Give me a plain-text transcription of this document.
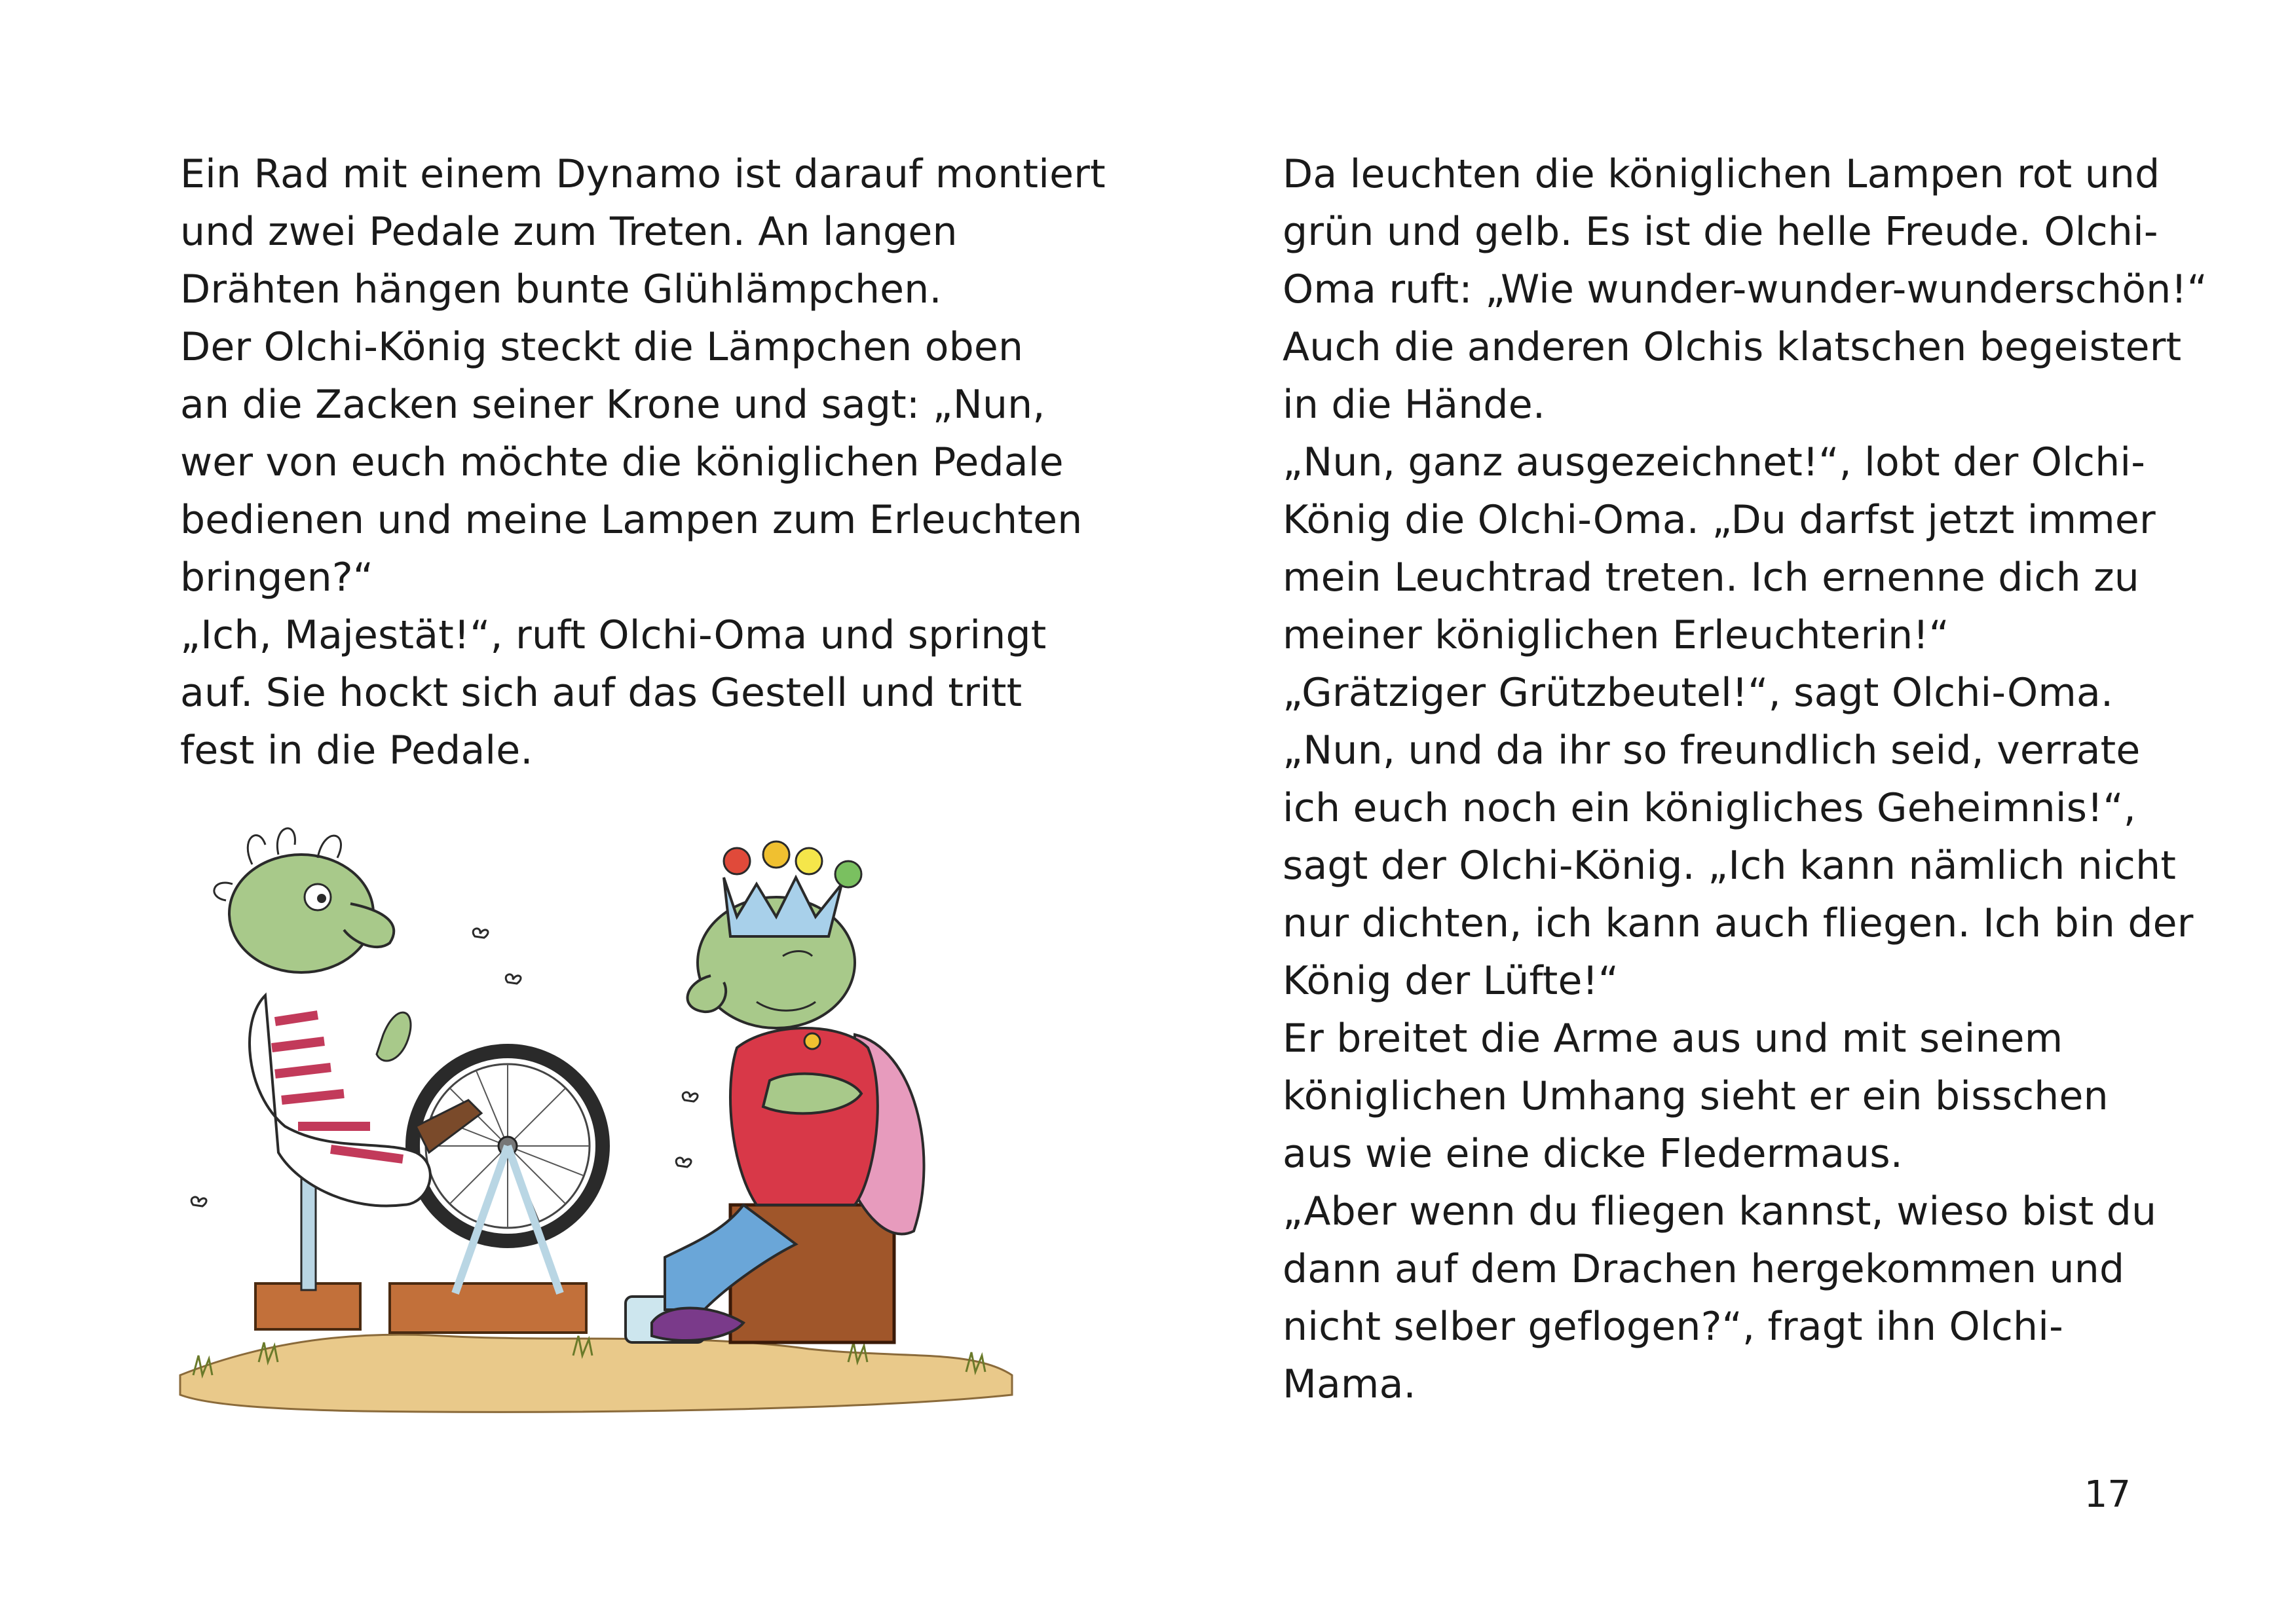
Ein Rad mit einem Dynamo ist darauf montiert
und zwei Pedale zum Treten. An langen
Drähten hängen bunte Glühlämpchen.
Der Olchi-König steckt die Lämpchen oben
an die Zacken seiner Krone und sagt: „Nun,
wer von euch möchte die königlichen Pedale
bedienen und meine Lampen zum Erleuchten
bringen?“
„Ich, Majestät!“, ruft Olchi-Oma und springt
auf. Sie hockt sich auf das Gestell und tritt
fest in die Pedale.
Da leuchten die königlichen Lampen rot und
grün und gelb. Es ist die helle Freude. Olchi-
Oma ruft: „Wie wunder-wunder-wunderschön!“
Auch die anderen Olchis klatschen begeistert
in die Hände.
„Nun, ganz ausgezeichnet!“, lobt der Olchi-
König die Olchi-Oma. „Du darfst jetzt immer
mein Leuchtrad treten. Ich ernenne dich zu
meiner königlichen Erleuchterin!“
„Grätziger Grützbeutel!“, sagt Olchi-Oma.
„Nun, und da ihr so freundlich seid, verrate
ich euch noch ein königliches Geheimnis!“,
sagt der Olchi-König. „Ich kann nämlich nicht
nur dichten, ich kann auch fliegen. Ich bin der
König der Lüfte!“
Er breitet die Arme aus und mit seinem
königlichen Umhang sieht er ein bisschen
aus wie eine dicke Fledermaus.
„Aber wenn du fliegen kannst, wieso bist du
dann auf dem Drachen hergekommen und
nicht selber geflogen?“, fragt ihn Olchi-
Mama.
17
